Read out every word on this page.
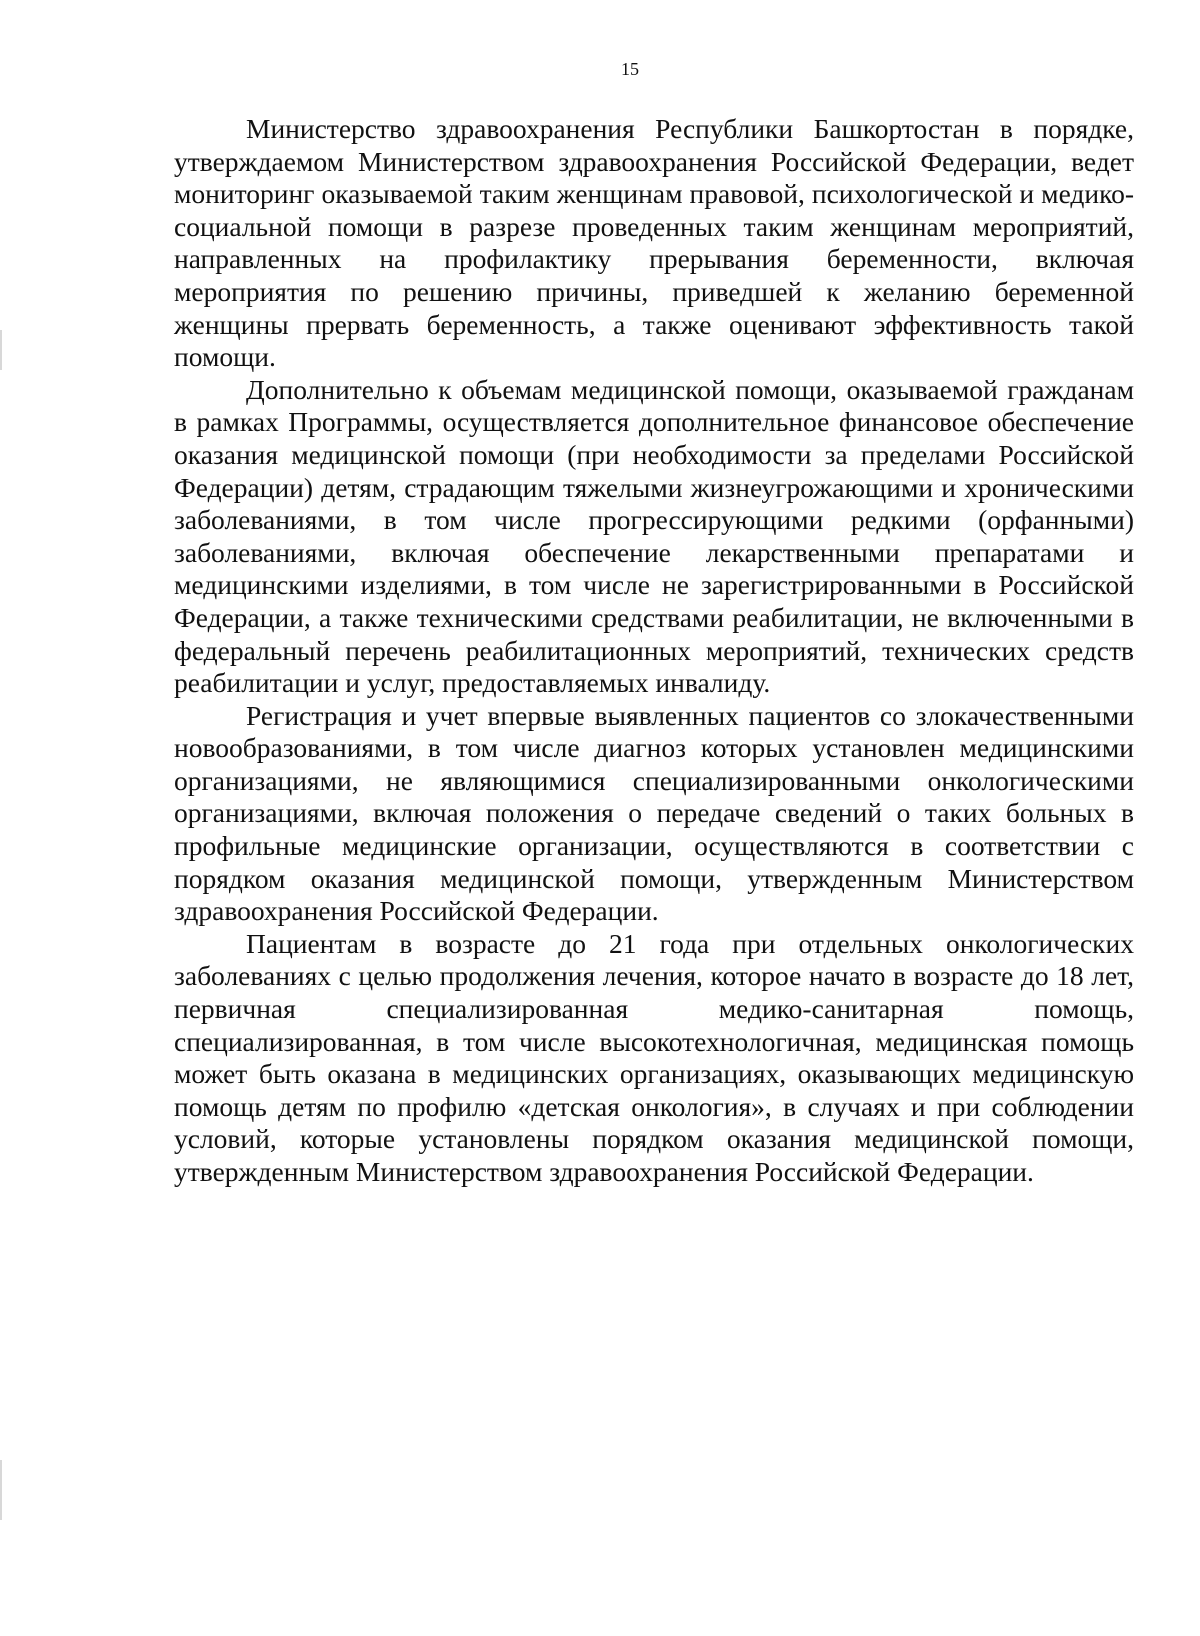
15

Министерство здравоохранения Республики Башкортостан в порядке, утверждаемом Министерством здравоохранения Российской Федерации, ведет мониторинг оказываемой таким женщинам правовой, психологической и медико-социальной помощи в разрезе проведенных таким женщинам мероприятий, направленных на профилактику прерывания беременности, включая мероприятия по решению причины, приведшей к желанию беременной женщины прервать беременность, а также оценивают эффективность такой помощи.

Дополнительно к объемам медицинской помощи, оказываемой гражданам в рамках Программы, осуществляется дополнительное финансовое обеспечение оказания медицинской помощи (при необходимости за пределами Российской Федерации) детям, страдающим тяжелыми жизнеугрожающими и хроническими заболеваниями, в том числе прогрессирующими редкими (орфанными) заболеваниями, включая обеспечение лекарственными препаратами и медицинскими изделиями, в том числе не зарегистрированными в Российской Федерации, а также техническими средствами реабилитации, не включенными в федеральный перечень реабилитационных мероприятий, технических средств реабилитации и услуг, предоставляемых инвалиду.

Регистрация и учет впервые выявленных пациентов со злокачественными новообразованиями, в том числе диагноз которых установлен медицинскими организациями, не являющимися специализированными онкологическими организациями, включая положения о передаче сведений о таких больных в профильные медицинские организации, осуществляются в соответствии с порядком оказания медицинской помощи, утвержденным Министерством здравоохранения Российской Федерации.

Пациентам в возрасте до 21 года при отдельных онкологических заболеваниях с целью продолжения лечения, которое начато в возрасте до 18 лет, первичная специализированная медико-санитарная помощь, специализированная, в том числе высокотехнологичная, медицинская помощь может быть оказана в медицинских организациях, оказывающих медицинскую помощь детям по профилю «детская онкология», в случаях и при соблюдении условий, которые установлены порядком оказания медицинской помощи, утвержденным Министерством здравоохранения Российской Федерации.
